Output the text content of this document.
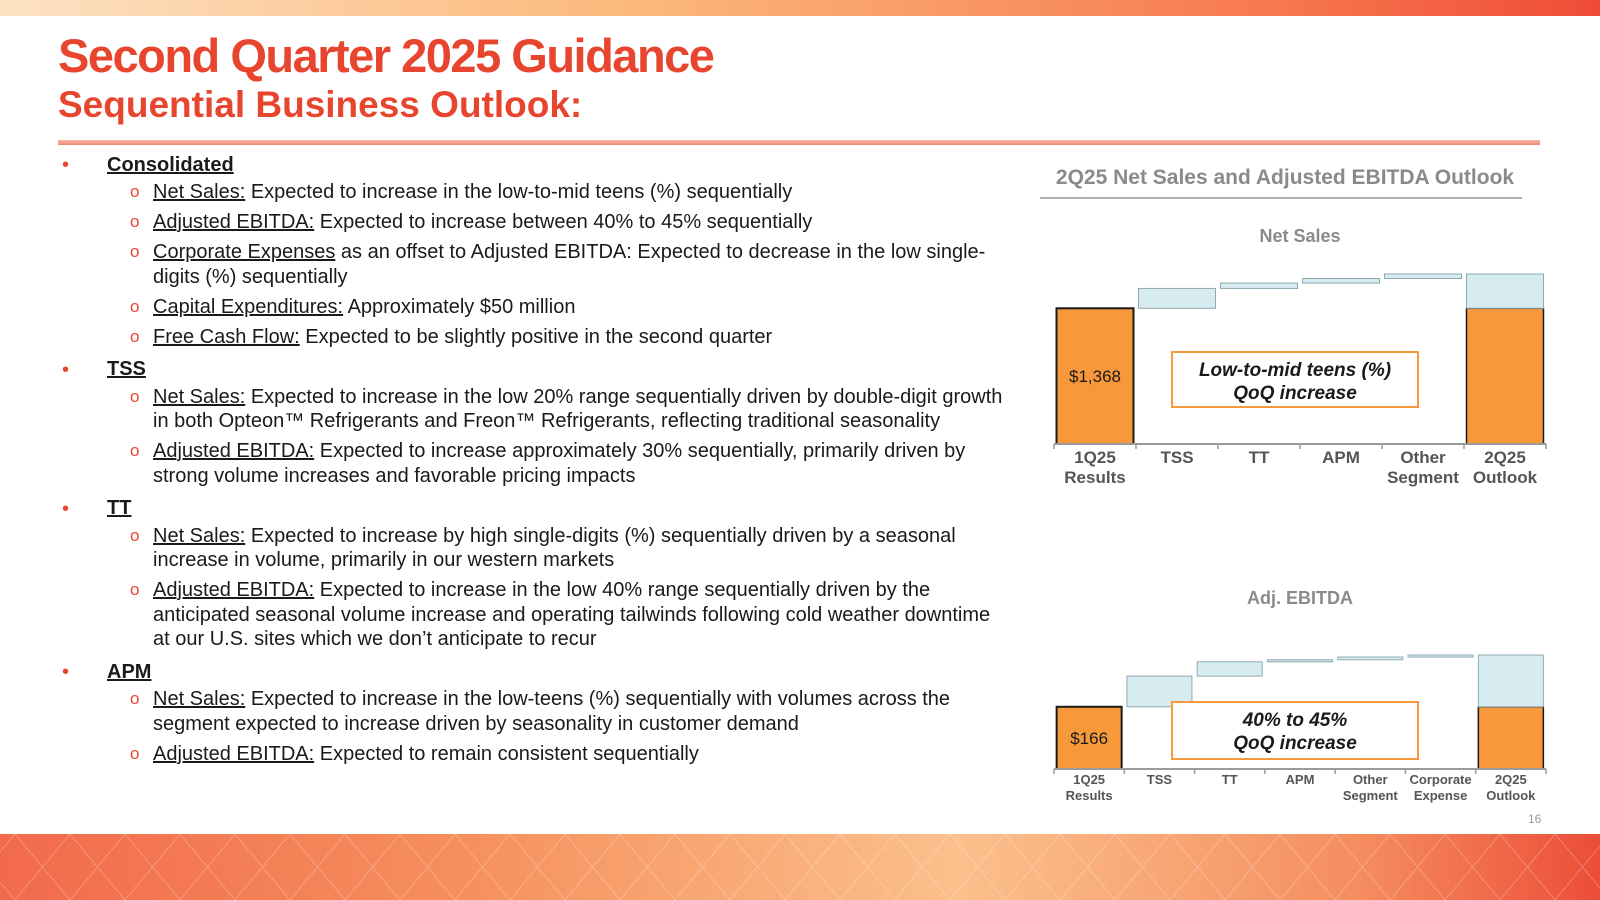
Second Quarter 2025 Guidance
Sequential Business Outlook:
•	Consolidated
o Net Sales: Expected to increase in the low-to-mid teens (%) sequentially
o Adjusted EBITDA: Expected to increase between 40% to 45% sequentially
o Corporate Expenses as an offset to Adjusted EBITDA: Expected to decrease in the low single-digits (%) sequentially
o Capital Expenditures: Approximately $50 million
o Free Cash Flow: Expected to be slightly positive in the second quarter
•	TSS
o Net Sales: Expected to increase in the low 20% range sequentially driven by double-digit growth in both Opteon™ Refrigerants and Freon™ Refrigerants, reflecting traditional seasonality
o Adjusted EBITDA: Expected to increase approximately 30% sequentially, primarily driven by strong volume increases and favorable pricing impacts
•	TT
o Net Sales: Expected to increase by high single-digits (%) sequentially driven by a seasonal increase in volume, primarily in our western markets
o Adjusted EBITDA: Expected to increase in the low 40% range sequentially driven by the anticipated seasonal volume increase and operating tailwinds following cold weather downtime at our U.S. sites which we don’t anticipate to recur
•	APM
o Net Sales: Expected to increase in the low-teens (%) sequentially with volumes across the segment expected to increase driven by seasonality in customer demand
o Adjusted EBITDA: Expected to remain consistent sequentially
2Q25 Net Sales and Adjusted EBITDA Outlook
Net Sales
$1,368
1Q25 Results
TSS	TT	APM	Other Segment
2Q25 Outlook
Low-to-mid teens (%)
QoQ increase
Adj. EBITDA
$166
1Q25 Results
TSS	TT	APM	Other Segment
Corporate Expense
2Q25 Outlook
40% to 45%
QoQ increase
16
